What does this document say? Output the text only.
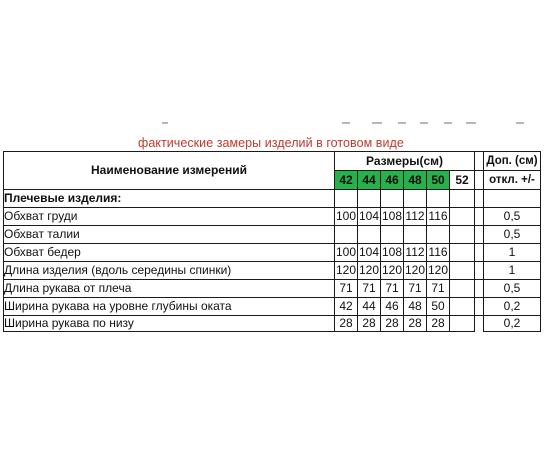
фактические замеры изделий в готовом виде
Наименование измерений	Размеры(см)							Доп. (см)
	42	44	46	48	50	52		откл. +/-
Плечевые изделия:								
Обхват груди	100	104	108	112	116			0,5
Обхват талии								0,5
Обхват бедер	100	104	108	112	116			1
Длина изделия (вдоль середины спинки)	120	120	120	120	120			1
Длина рукава от плеча	71	71	71	71	71			0,5
Ширина рукава на уровне глубины оката	42	44	46	48	50			0,2
Ширина рукава по низу	28	28	28	28	28			0,2
